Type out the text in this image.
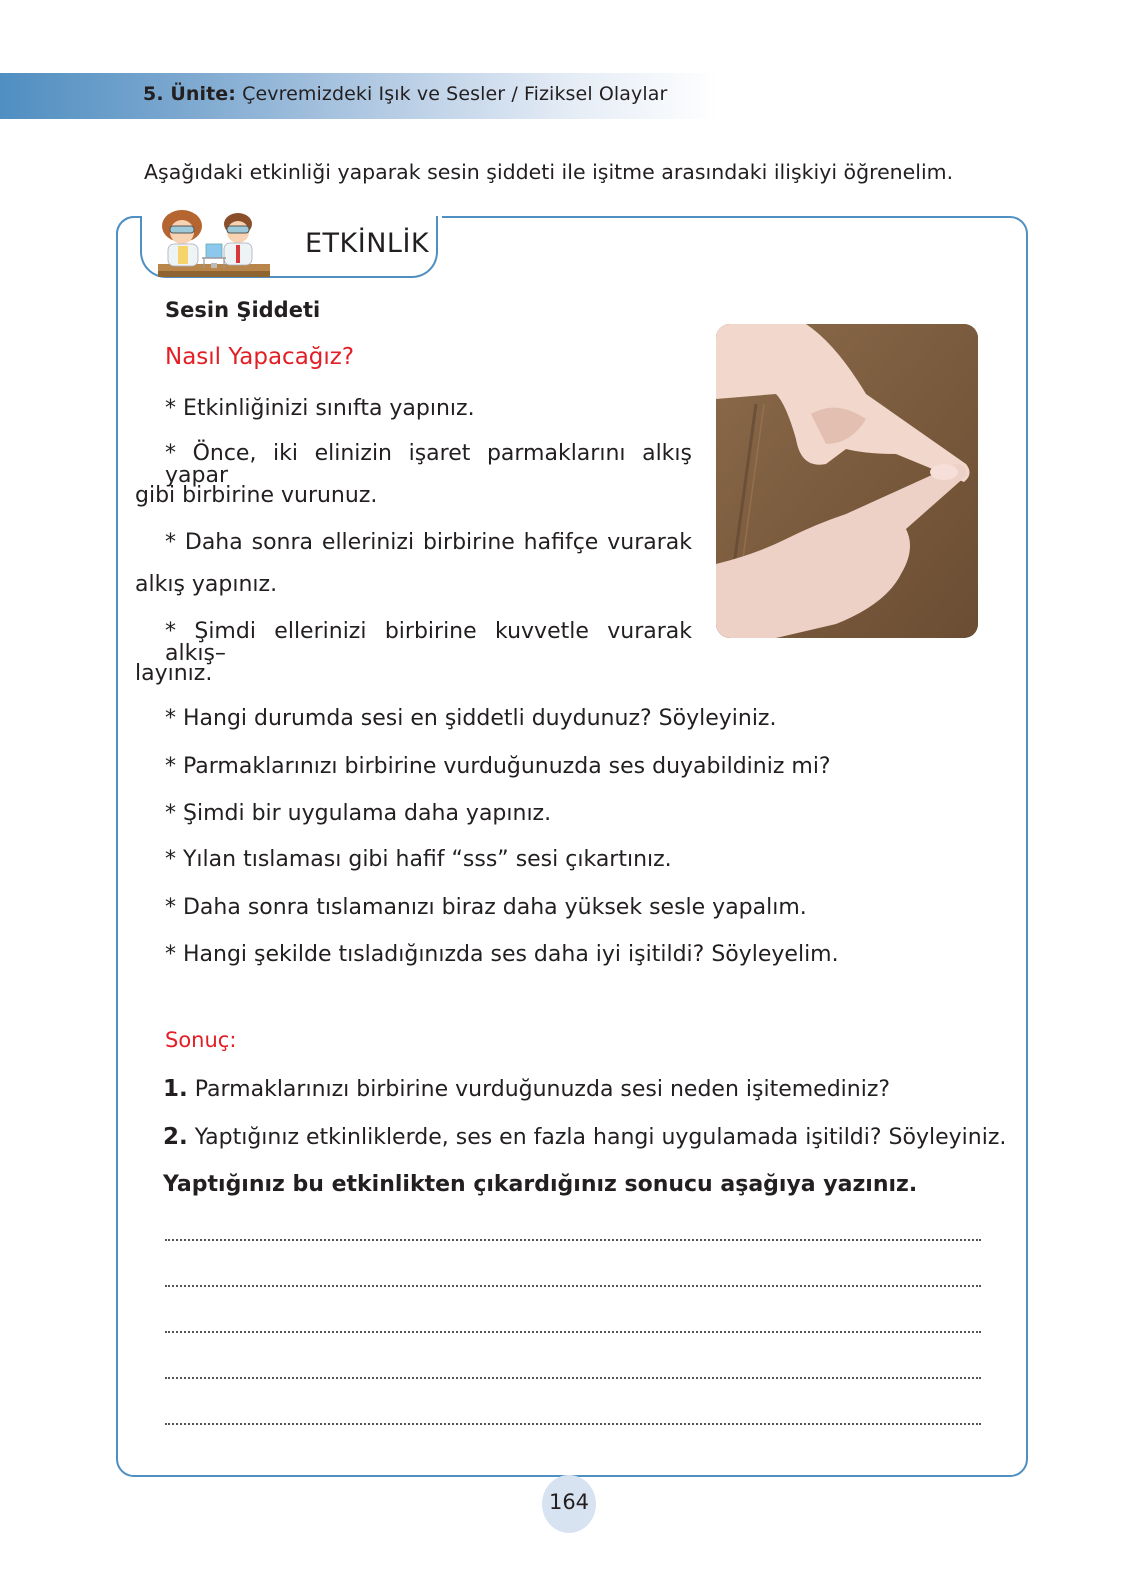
5. Ünite: Çevremizdeki Işık ve Sesler / Fiziksel Olaylar
Aşağıdaki etkinliği yaparak sesin şiddeti ile işitme arasındaki ilişkiyi öğrenelim.
ETKİNLİK
Sesin Şiddeti
Nasıl Yapacağız?
* Etkinliğinizi sınıfta yapınız.
* Önce, iki elinizin işaret parmaklarını alkış yapar
gibi birbirine vurunuz.
* Daha sonra ellerinizi birbirine hafifçe vurarak
alkış yapınız.
* Şimdi ellerinizi birbirine kuvvetle vurarak alkış–
layınız.
* Hangi durumda sesi en şiddetli duydunuz? Söyleyiniz.
* Parmaklarınızı birbirine vurduğunuzda ses duyabildiniz mi?
* Şimdi bir uygulama daha yapınız.
* Yılan tıslaması gibi hafif “sss” sesi çıkartınız.
* Daha sonra tıslamanızı biraz daha yüksek sesle yapalım.
* Hangi şekilde tısladığınızda ses daha iyi işitildi? Söyleyelim.
Sonuç:
1. Parmaklarınızı birbirine vurduğunuzda sesi neden işitemediniz?
2. Yaptığınız etkinliklerde, ses en fazla hangi uygulamada işitildi? Söyleyiniz.
Yaptığınız bu etkinlikten çıkardığınız sonucu aşağıya yazınız.
164
